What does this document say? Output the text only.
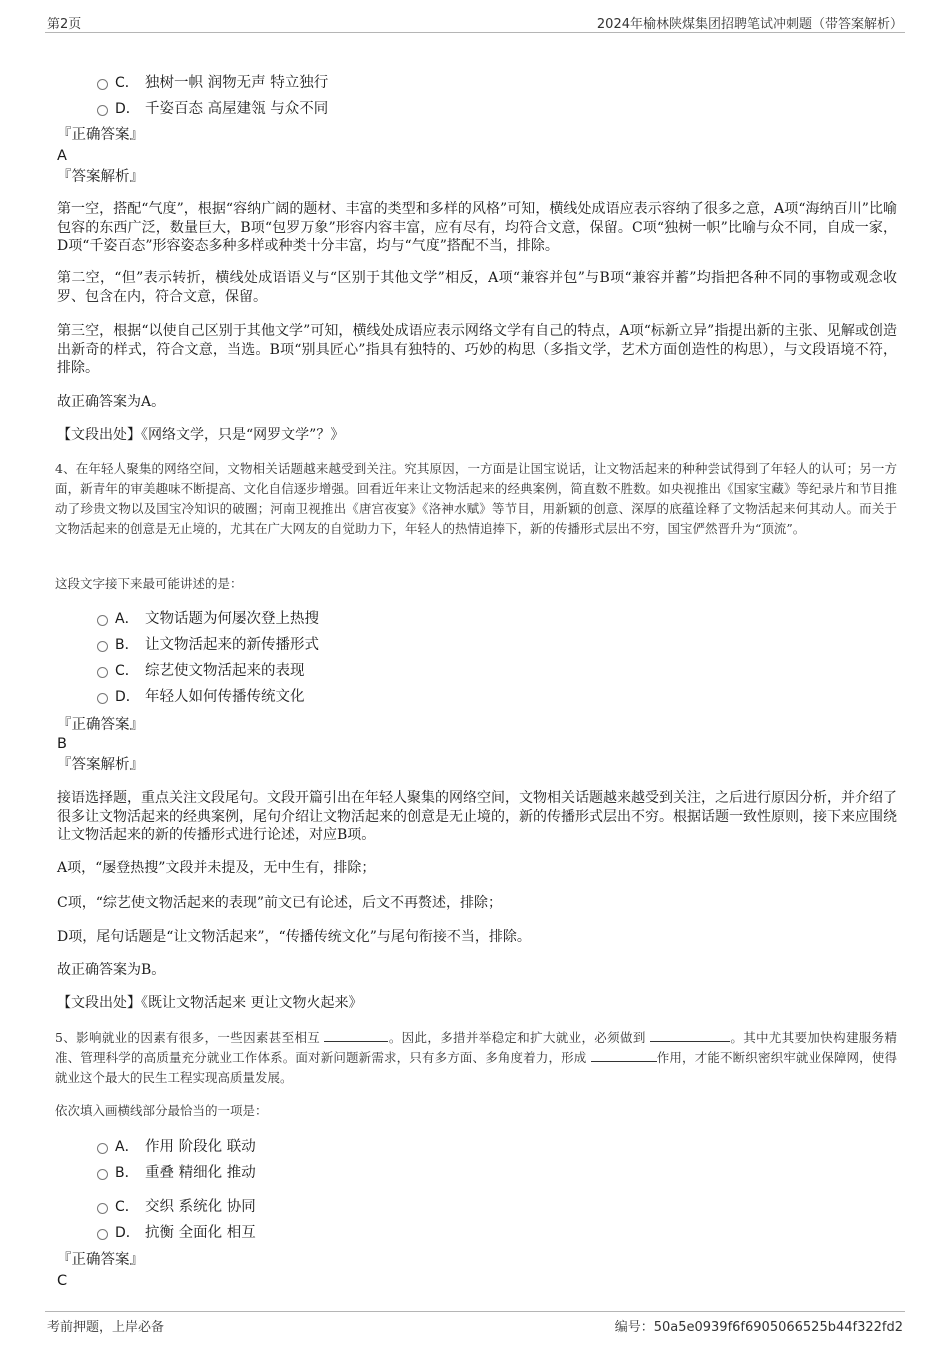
第2页	2024年榆林陕煤集团招聘笔试冲刺题（带答案解析）
C． 独树一帜 润物无声 特立独行
D． 千姿百态 高屋建瓴 与众不同
『正确答案』
A
『答案解析』
第一空，搭配“气度”，根据“容纳广阔的题材、丰富的类型和多样的风格”可知，横线处成语应表示容纳了很多之意，A项“海纳百川”比喻包容的东西广泛，数量巨大，B项“包罗万象”形容内容丰富，应有尽有，均符合文意，保留。C项“独树一帜”比喻与众不同，自成一家，D项“千姿百态”形容姿态多种多样或种类十分丰富，均与“气度”搭配不当，排除。
第二空，“但”表示转折，横线处成语语义与“区别于其他文学”相反，A项“兼容并包”与B项“兼容并蓄”均指把各种不同的事物或观念收罗、包含在内，符合文意，保留。
第三空，根据“以使自己区别于其他文学”可知，横线处成语应表示网络文学有自己的特点，A项“标新立异”指提出新的主张、见解或创造出新奇的样式，符合文意，当选。B项“别具匠心”指具有独特的、巧妙的构思（多指文学，艺术方面创造性的构思），与文段语境不符，排除。
故正确答案为A。
【文段出处】《网络文学，只是“网罗文学”？》
4、在年轻人聚集的网络空间，文物相关话题越来越受到关注。究其原因，一方面是让国宝说话，让文物活起来的种种尝试得到了年轻人的认可；另一方面，新青年的审美趣味不断提高、文化自信逐步增强。回看近年来让文物活起来的经典案例，简直数不胜数。如央视推出《国家宝藏》等纪录片和节目推动了珍贵文物以及国宝冷知识的破圈；河南卫视推出《唐宫夜宴》《洛神水赋》等节目，用新颖的创意、深厚的底蕴诠释了文物活起来何其动人。而关于文物活起来的创意是无止境的，尤其在广大网友的自觉助力下，年轻人的热情追捧下，新的传播形式层出不穷，国宝俨然晋升为“顶流”。
这段文字接下来最可能讲述的是：
A． 文物话题为何屡次登上热搜
B． 让文物活起来的新传播形式
C． 综艺使文物活起来的表现
D． 年轻人如何传播传统文化
『正确答案』
B
『答案解析』
接语选择题，重点关注文段尾句。文段开篇引出在年轻人聚集的网络空间，文物相关话题越来越受到关注，之后进行原因分析，并介绍了很多让文物活起来的经典案例，尾句介绍让文物活起来的创意是无止境的，新的传播形式层出不穷。根据话题一致性原则，接下来应围绕让文物活起来的新的传播形式进行论述，对应B项。
A项，“屡登热搜”文段并未提及，无中生有，排除；
C项，“综艺使文物活起来的表现”前文已有论述，后文不再赘述，排除；
D项，尾句话题是“让文物活起来”，“传播传统文化”与尾句衔接不当，排除。
故正确答案为B。
【文段出处】《既让文物活起来 更让文物火起来》
5、影响就业的因素有很多，一些因素甚至相互	。因此，多措并举稳定和扩大就业，必须做到	。其中尤其要加快构建服务精准、管理科学的高质量充分就业工作体系。面对新问题新需求，只有多方面、多角度着力，形成	作用，才能不断织密织牢就业保障网，使得就业这个最大的民生工程实现高质量发展。
依次填入画横线部分最恰当的一项是：
A． 作用 阶段化 联动
B． 重叠 精细化 推动
C． 交织 系统化 协同
D． 抗衡 全面化 相互
『正确答案』
C
考前押题，上岸必备	编号：50a5e0939f6f6905066525b44f322fd2
